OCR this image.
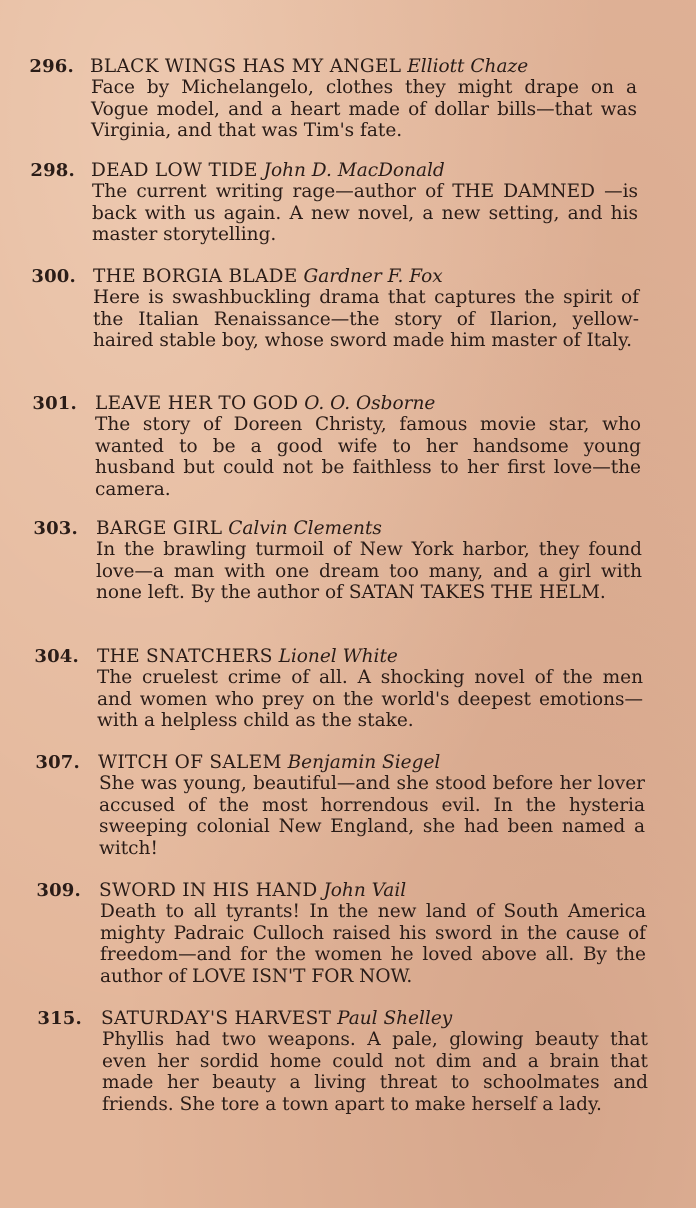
296. BLACK WINGS HAS MY ANGEL Elliott Chaze
Face by Michelangelo, clothes they might drape on a Vogue model, and a heart made of dollar bills—that was Virginia, and that was Tim's fate.
298. DEAD LOW TIDE John D. MacDonald
The current writing rage—author of THE DAMNED —is back with us again. A new novel, a new setting, and his master storytelling.
300. THE BORGIA BLADE Gardner F. Fox
Here is swashbuckling drama that captures the spirit of the Italian Renaissance—the story of Ilarion, yellow-haired stable boy, whose sword made him master of Italy.
301. LEAVE HER TO GOD O. O. Osborne
The story of Doreen Christy, famous movie star, who wanted to be a good wife to her handsome young husband but could not be faithless to her first love—the camera.
303. BARGE GIRL Calvin Clements
In the brawling turmoil of New York harbor, they found love—a man with one dream too many, and a girl with none left. By the author of SATAN TAKES THE HELM.
304. THE SNATCHERS Lionel White
The cruelest crime of all. A shocking novel of the men and women who prey on the world's deepest emotions—with a helpless child as the stake.
307. WITCH OF SALEM Benjamin Siegel
She was young, beautiful—and she stood before her lover accused of the most horrendous evil. In the hysteria sweeping colonial New England, she had been named a witch!
309. SWORD IN HIS HAND John Vail
Death to all tyrants! In the new land of South America mighty Padraic Culloch raised his sword in the cause of freedom—and for the women he loved above all. By the author of LOVE ISN'T FOR NOW.
315. SATURDAY'S HARVEST Paul Shelley
Phyllis had two weapons. A pale, glowing beauty that even her sordid home could not dim and a brain that made her beauty a living threat to schoolmates and friends. She tore a town apart to make herself a lady.
